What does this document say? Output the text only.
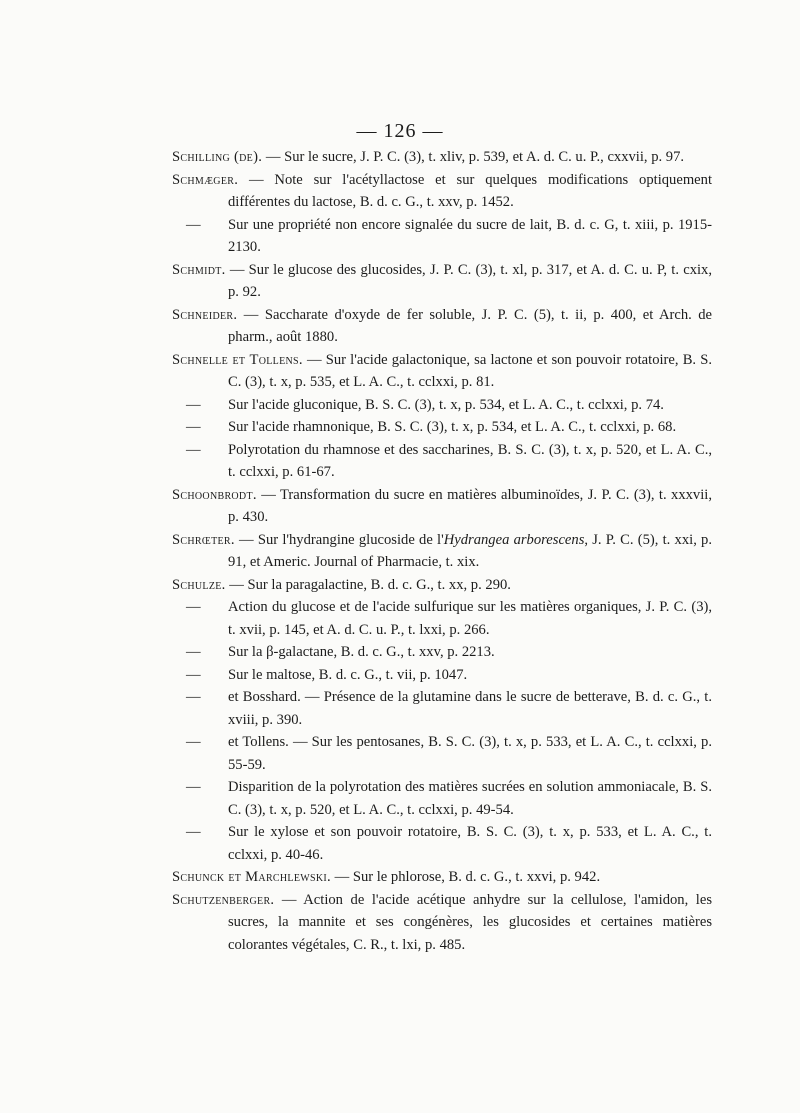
— 126 —

Schilling (de). — Sur le sucre, J. P. C. (3), t. xliv, p. 539, et A. d. C. u. P., cxxvii, p. 97.

Schmæger. — Note sur l'acétyllactose et sur quelques modifications optiquement différentes du lactose, B. d. c. G., t. xxv, p. 1452.

— Sur une propriété non encore signalée du sucre de lait, B. d. c. G, t. xiii, p. 1915-2130.

Schmidt. — Sur le glucose des glucosides, J. P. C. (3), t. xl, p. 317, et A. d. C. u. P, t. cxix, p. 92.

Schneider. — Saccharate d'oxyde de fer soluble, J. P. C. (5), t. ii, p. 400, et Arch. de pharm., août 1880.

Schnelle et Tollens. — Sur l'acide galactonique, sa lactone et son pouvoir rotatoire, B. S. C. (3), t. x, p. 535, et L. A. C., t. cclxxi, p. 81.

— Sur l'acide gluconique, B. S. C. (3), t. x, p. 534, et L. A. C., t. cclxxi, p. 74.

— Sur l'acide rhamnonique, B. S. C. (3), t. x, p. 534, et L. A. C., t. cclxxi, p. 68.

— Polyrotation du rhamnose et des saccharines, B. S. C. (3), t. x, p. 520, et L. A. C., t. cclxxi, p. 61-67.

Schoonbrodt. — Transformation du sucre en matières albuminoïdes, J. P. C. (3), t. xxxvii, p. 430.

Schrœter. — Sur l'hydrangine glucoside de l'Hydrangea arborescens, J. P. C. (5), t. xxi, p. 91, et Americ. Journal of Pharmacie, t. xix.

Schulze. — Sur la paragalactine, B. d. c. G., t. xx, p. 290.

— Action du glucose et de l'acide sulfurique sur les matières organiques, J. P. C. (3), t. xvii, p. 145, et A. d. C. u. P., t. lxxi, p. 266.

— Sur la β-galactane, B. d. c. G., t. xxv, p. 2213.

— Sur le maltose, B. d. c. G., t. vii, p. 1047.

— et Bosshard. — Présence de la glutamine dans le sucre de betterave, B. d. c. G., t. xviii, p. 390.

— et Tollens. — Sur les pentosanes, B. S. C. (3), t. x, p. 533, et L. A. C., t. cclxxi, p. 55-59.

— Disparition de la polyrotation des matières sucrées en solution ammoniacale, B. S. C. (3), t. x, p. 520, et L. A. C., t. cclxxi, p. 49-54.

— Sur le xylose et son pouvoir rotatoire, B. S. C. (3), t. x, p. 533, et L. A. C., t. cclxxi, p. 40-46.

Schunck et Marchlewski. — Sur le phlorose, B. d. c. G., t. xxvi, p. 942.

Schutzenberger. — Action de l'acide acétique anhydre sur la cellulose, l'amidon, les sucres, la mannite et ses congénères, les glucosides et certaines matières colorantes végétales, C. R., t. lxi, p. 485.
